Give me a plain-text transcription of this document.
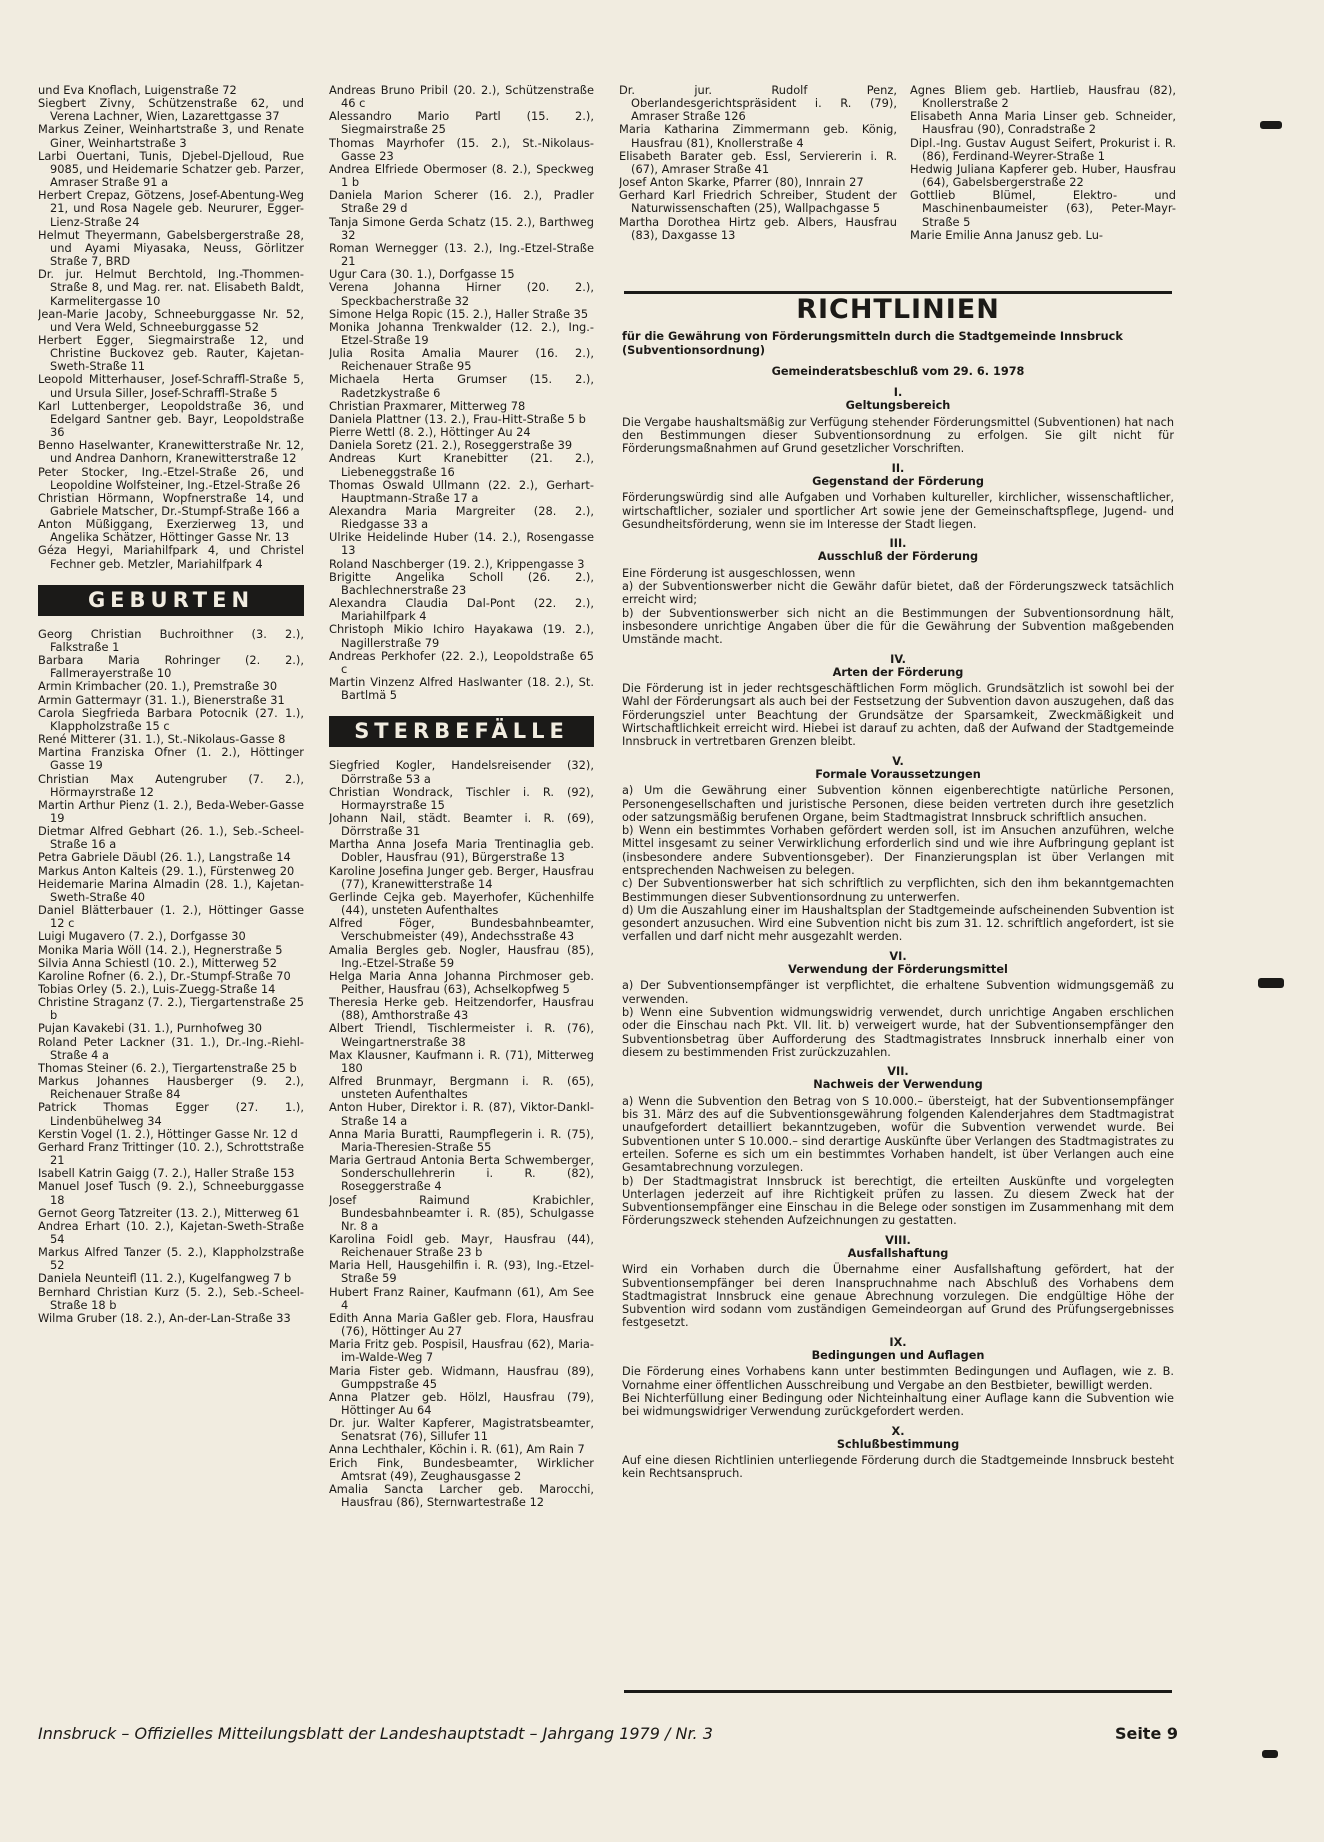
und Eva Knoflach, Luigenstraße 72

Siegbert Zivny, Schützenstraße 62, und Verena Lachner, Wien, Lazarettgasse 37

Markus Zeiner, Weinhartstraße 3, und Renate Giner, Weinhartstraße 3

Larbi Ouertani, Tunis, Djebel-Djelloud, Rue 9085, und Heidemarie Schatzer geb. Parzer, Amraser Straße 91 a

Herbert Crepaz, Götzens, Josef-Abentung-Weg 21, und Rosa Nagele geb. Neururer, Egger-Lienz-Straße 24

Helmut Theyermann, Gabelsbergerstraße 28, und Ayami Miyasaka, Neuss, Görlitzer Straße 7, BRD

Dr. jur. Helmut Berchtold, Ing.-Thommen-Straße 8, und Mag. rer. nat. Elisabeth Baldt, Karmelitergasse 10

Jean-Marie Jacoby, Schneeburggasse Nr. 52, und Vera Weld, Schneeburggasse 52

Herbert Egger, Siegmairstraße 12, und Christine Buckovez geb. Rauter, Kajetan-Sweth-Straße 11

Leopold Mitterhauser, Josef-Schraffl-Straße 5, und Ursula Siller, Josef-Schraffl-Straße 5

Karl Luttenberger, Leopoldstraße 36, und Edelgard Santner geb. Bayr, Leopoldstraße 36

Benno Haselwanter, Kranewitterstraße Nr. 12, und Andrea Danhorn, Kranewitterstraße 12

Peter Stocker, Ing.-Etzel-Straße 26, und Leopoldine Wolfsteiner, Ing.-Etzel-Straße 26

Christian Hörmann, Wopfnerstraße 14, und Gabriele Matscher, Dr.-Stumpf-Straße 166 a

Anton Müßiggang, Exerzierweg 13, und Angelika Schätzer, Höttinger Gasse Nr. 13

Géza Hegyi, Mariahilfpark 4, und Christel Fechner geb. Metzler, Mariahilfpark 4

GEBURTEN

Georg Christian Buchroithner (3. 2.), Falkstraße 1

Barbara Maria Rohringer (2. 2.), Fallmerayerstraße 10

Armin Krimbacher (20. 1.), Premstraße 30

Armin Gattermayr (31. 1.), Bienerstraße 31

Carola Siegfrieda Barbara Potocnik (27. 1.), Klappholzstraße 15 c

René Mitterer (31. 1.), St.-Nikolaus-Gasse 8

Martina Franziska Ofner (1. 2.), Höttinger Gasse 19

Christian Max Autengruber (7. 2.), Hörmayrstraße 12

Martin Arthur Pienz (1. 2.), Beda-Weber-Gasse 19

Dietmar Alfred Gebhart (26. 1.), Seb.-Scheel-Straße 16 a

Petra Gabriele Däubl (26. 1.), Langstraße 14

Markus Anton Kalteis (29. 1.), Fürstenweg 20

Heidemarie Marina Almadin (28. 1.), Kajetan-Sweth-Straße 40

Daniel Blätterbauer (1. 2.), Höttinger Gasse 12 c

Luigi Mugavero (7. 2.), Dorfgasse 30

Monika Maria Wöll (14. 2.), Hegnerstraße 5

Silvia Anna Schiestl (10. 2.), Mitterweg 52

Karoline Rofner (6. 2.), Dr.-Stumpf-Straße 70

Tobias Orley (5. 2.), Luis-Zuegg-Straße 14

Christine Straganz (7. 2.), Tiergartenstraße 25 b

Pujan Kavakebi (31. 1.), Purnhofweg 30

Roland Peter Lackner (31. 1.), Dr.-Ing.-Riehl-Straße 4 a

Thomas Steiner (6. 2.), Tiergartenstraße 25 b

Markus Johannes Hausberger (9. 2.), Reichenauer Straße 84

Patrick Thomas Egger (27. 1.), Lindenbühelweg 34

Kerstin Vogel (1. 2.), Höttinger Gasse Nr. 12 d

Gerhard Franz Trittinger (10. 2.), Schrottstraße 21

Isabell Katrin Gaigg (7. 2.), Haller Straße 153

Manuel Josef Tusch (9. 2.), Schneeburggasse 18

Gernot Georg Tatzreiter (13. 2.), Mitterweg 61

Andrea Erhart (10. 2.), Kajetan-Sweth-Straße 54

Markus Alfred Tanzer (5. 2.), Klappholzstraße 52

Daniela Neunteifl (11. 2.), Kugelfangweg 7 b

Bernhard Christian Kurz (5. 2.), Seb.-Scheel-Straße 18 b

Wilma Gruber (18. 2.), An-der-Lan-Straße 33

Andreas Bruno Pribil (20. 2.), Schützenstraße 46 c

Alessandro Mario Partl (15. 2.), Siegmairstraße 25

Thomas Mayrhofer (15. 2.), St.-Nikolaus-Gasse 23

Andrea Elfriede Obermoser (8. 2.), Speckweg 1 b

Daniela Marion Scherer (16. 2.), Pradler Straße 29 d

Tanja Simone Gerda Schatz (15. 2.), Barthweg 32

Roman Wernegger (13. 2.), Ing.-Etzel-Straße 21

Ugur Cara (30. 1.), Dorfgasse 15

Verena Johanna Hirner (20. 2.), Speckbacherstraße 32

Simone Helga Ropic (15. 2.), Haller Straße 35

Monika Johanna Trenkwalder (12. 2.), Ing.-Etzel-Straße 19

Julia Rosita Amalia Maurer (16. 2.), Reichenauer Straße 95

Michaela Herta Grumser (15. 2.), Radetzkystraße 6

Christian Praxmarer, Mitterweg 78

Daniela Plattner (13. 2.), Frau-Hitt-Straße 5 b

Pierre Wettl (8. 2.), Höttinger Au 24

Daniela Soretz (21. 2.), Roseggerstraße 39

Andreas Kurt Kranebitter (21. 2.), Liebeneggstraße 16

Thomas Oswald Ullmann (22. 2.), Gerhart-Hauptmann-Straße 17 a

Alexandra Maria Margreiter (28. 2.), Riedgasse 33 a

Ulrike Heidelinde Huber (14. 2.), Rosengasse 13

Roland Naschberger (19. 2.), Krippengasse 3

Brigitte Angelika Scholl (26. 2.), Bachlechnerstraße 23

Alexandra Claudia Dal-Pont (22. 2.), Mariahilfpark 4

Christoph Mikio Ichiro Hayakawa (19. 2.), Nagillerstraße 79

Andreas Perkhofer (22. 2.), Leopoldstraße 65 c

Martin Vinzenz Alfred Haslwanter (18. 2.), St. Bartlmä 5

STERBEFÄLLE

Siegfried Kogler, Handelsreisender (32), Dörrstraße 53 a

Christian Wondrack, Tischler i. R. (92), Hormayrstraße 15

Johann Nail, städt. Beamter i. R. (69), Dörrstraße 31

Martha Anna Josefa Maria Trentinaglia geb. Dobler, Hausfrau (91), Bürgerstraße 13

Karoline Josefina Junger geb. Berger, Hausfrau (77), Kranewitterstraße 14

Gerlinde Cejka geb. Mayerhofer, Küchenhilfe (44), unsteten Aufenthaltes

Alfred Föger, Bundesbahnbeamter, Verschubmeister (49), Andechsstraße 43

Amalia Bergles geb. Nogler, Hausfrau (85), Ing.-Etzel-Straße 59

Helga Maria Anna Johanna Pirchmoser geb. Peither, Hausfrau (63), Achselkopfweg 5

Theresia Herke geb. Heitzendorfer, Hausfrau (88), Amthorstraße 43

Albert Triendl, Tischlermeister i. R. (76), Weingartnerstraße 38

Max Klausner, Kaufmann i. R. (71), Mitterweg 180

Alfred Brunmayr, Bergmann i. R. (65), unsteten Aufenthaltes

Anton Huber, Direktor i. R. (87), Viktor-Dankl-Straße 14 a

Anna Maria Buratti, Raumpflegerin i. R. (75), Maria-Theresien-Straße 55

Maria Gertraud Antonia Berta Schwemberger, Sonderschullehrerin i. R. (82), Roseggerstraße 4

Josef Raimund Krabichler, Bundesbahnbeamter i. R. (85), Schulgasse Nr. 8 a

Karolina Foidl geb. Mayr, Hausfrau (44), Reichenauer Straße 23 b

Maria Hell, Hausgehilfin i. R. (93), Ing.-Etzel-Straße 59

Hubert Franz Rainer, Kaufmann (61), Am See 4

Edith Anna Maria Gaßler geb. Flora, Hausfrau (76), Höttinger Au 27

Maria Fritz geb. Pospisil, Hausfrau (62), Maria-im-Walde-Weg 7

Maria Fister geb. Widmann, Hausfrau (89), Gumppstraße 45

Anna Platzer geb. Hölzl, Hausfrau (79), Höttinger Au 64

Dr. jur. Walter Kapferer, Magistratsbeamter, Senatsrat (76), Sillufer 11

Anna Lechthaler, Köchin i. R. (61), Am Rain 7

Erich Fink, Bundesbeamter, Wirklicher Amtsrat (49), Zeughausgasse 2

Amalia Sancta Larcher geb. Marocchi, Hausfrau (86), Sternwartestraße 12

Dr. jur. Rudolf Penz, Oberlandesgerichtspräsident i. R. (79), Amraser Straße 126

Maria Katharina Zimmermann geb. König, Hausfrau (81), Knollerstraße 4

Elisabeth Barater geb. Essl, Serviererin i. R. (67), Amraser Straße 41

Josef Anton Skarke, Pfarrer (80), Innrain 27

Gerhard Karl Friedrich Schreiber, Student der Naturwissenschaften (25), Wallpachgasse 5

Martha Dorothea Hirtz geb. Albers, Hausfrau (83), Daxgasse 13

Agnes Bliem geb. Hartlieb, Hausfrau (82), Knollerstraße 2

Elisabeth Anna Maria Linser geb. Schneider, Hausfrau (90), Conradstraße 2

Dipl.-Ing. Gustav August Seifert, Prokurist i. R. (86), Ferdinand-Weyrer-Straße 1

Hedwig Juliana Kapferer geb. Huber, Hausfrau (64), Gabelsbergerstraße 22

Gottlieb Blümel, Elektro- und Maschinenbaumeister (63), Peter-Mayr-Straße 5

Marie Emilie Anna Janusz geb. Lu-

RICHTLINIEN

für die Gewährung von Förderungsmitteln durch die Stadtgemeinde Innsbruck (Subventionsordnung)

Gemeinderatsbeschluß vom 29. 6. 1978

I.
Geltungsbereich

Die Vergabe haushaltsmäßig zur Verfügung stehender Förderungsmittel (Subventionen) hat nach den Bestimmungen dieser Subventionsordnung zu erfolgen. Sie gilt nicht für Förderungsmaßnahmen auf Grund gesetzlicher Vorschriften.

II.
Gegenstand der Förderung

Förderungswürdig sind alle Aufgaben und Vorhaben kultureller, kirchlicher, wissenschaftlicher, wirtschaftlicher, sozialer und sportlicher Art sowie jene der Gemeinschaftspflege, Jugend- und Gesundheitsförderung, wenn sie im Interesse der Stadt liegen.

III.
Ausschluß der Förderung

Eine Förderung ist ausgeschlossen, wenn

a) der Subventionswerber nicht die Gewähr dafür bietet, daß der Förderungszweck tatsächlich erreicht wird;

b) der Subventionswerber sich nicht an die Bestimmungen der Subventionsordnung hält, insbesondere unrichtige Angaben über die für die Gewährung der Subvention maßgebenden Umstände macht.

IV.
Arten der Förderung

Die Förderung ist in jeder rechtsgeschäftlichen Form möglich. Grundsätzlich ist sowohl bei der Wahl der Förderungsart als auch bei der Festsetzung der Subvention davon auszugehen, daß das Förderungsziel unter Beachtung der Grundsätze der Sparsamkeit, Zweckmäßigkeit und Wirtschaftlichkeit erreicht wird. Hiebei ist darauf zu achten, daß der Aufwand der Stadtgemeinde Innsbruck in vertretbaren Grenzen bleibt.

V.
Formale Voraussetzungen

a) Um die Gewährung einer Subvention können eigenberechtigte natürliche Personen, Personengesellschaften und juristische Personen, diese beiden vertreten durch ihre gesetzlich oder satzungsmäßig berufenen Organe, beim Stadtmagistrat Innsbruck schriftlich ansuchen.

b) Wenn ein bestimmtes Vorhaben gefördert werden soll, ist im Ansuchen anzuführen, welche Mittel insgesamt zu seiner Verwirklichung erforderlich sind und wie ihre Aufbringung geplant ist (insbesondere andere Subventionsgeber). Der Finanzierungsplan ist über Verlangen mit entsprechenden Nachweisen zu belegen.

c) Der Subventionswerber hat sich schriftlich zu verpflichten, sich den ihm bekanntgemachten Bestimmungen dieser Subventionsordnung zu unterwerfen.

d) Um die Auszahlung einer im Haushaltsplan der Stadtgemeinde aufscheinenden Subvention ist gesondert anzusuchen. Wird eine Subvention nicht bis zum 31. 12. schriftlich angefordert, ist sie verfallen und darf nicht mehr ausgezahlt werden.

VI.
Verwendung der Förderungsmittel

a) Der Subventionsempfänger ist verpflichtet, die erhaltene Subvention widmungsgemäß zu verwenden.

b) Wenn eine Subvention widmungswidrig verwendet, durch unrichtige Angaben erschlichen oder die Einschau nach Pkt. VII. lit. b) verweigert wurde, hat der Subventionsempfänger den Subventionsbetrag über Aufforderung des Stadtmagistrates Innsbruck innerhalb einer von diesem zu bestimmenden Frist zurückzuzahlen.

VII.
Nachweis der Verwendung

a) Wenn die Subvention den Betrag von S 10.000.– übersteigt, hat der Subventionsempfänger bis 31. März des auf die Subventionsgewährung folgenden Kalenderjahres dem Stadtmagistrat unaufgefordert detailliert bekanntzugeben, wofür die Subvention verwendet wurde. Bei Subventionen unter S 10.000.– sind derartige Auskünfte über Verlangen des Stadtmagistrates zu erteilen. Soferne es sich um ein bestimmtes Vorhaben handelt, ist über Verlangen auch eine Gesamtabrechnung vorzulegen.

b) Der Stadtmagistrat Innsbruck ist berechtigt, die erteilten Auskünfte und vorgelegten Unterlagen jederzeit auf ihre Richtigkeit prüfen zu lassen. Zu diesem Zweck hat der Subventionsempfänger eine Einschau in die Belege oder sonstigen im Zusammenhang mit dem Förderungszweck stehenden Aufzeichnungen zu gestatten.

VIII.
Ausfallshaftung

Wird ein Vorhaben durch die Übernahme einer Ausfallshaftung gefördert, hat der Subventionsempfänger bei deren Inanspruchnahme nach Abschluß des Vorhabens dem Stadtmagistrat Innsbruck eine genaue Abrechnung vorzulegen. Die endgültige Höhe der Subvention wird sodann vom zuständigen Gemeindeorgan auf Grund des Prüfungsergebnisses festgesetzt.

IX.
Bedingungen und Auflagen

Die Förderung eines Vorhabens kann unter bestimmten Bedingungen und Auflagen, wie z. B. Vornahme einer öffentlichen Ausschreibung und Vergabe an den Bestbieter, bewilligt werden.

Bei Nichterfüllung einer Bedingung oder Nichteinhaltung einer Auflage kann die Subvention wie bei widmungswidriger Verwendung zurückgefordert werden.

X.
Schlußbestimmung

Auf eine diesen Richtlinien unterliegende Förderung durch die Stadtgemeinde Innsbruck besteht kein Rechtsanspruch.

Innsbruck – Offizielles Mitteilungsblatt der Landeshauptstadt – Jahrgang 1979 / Nr. 3	Seite 9
